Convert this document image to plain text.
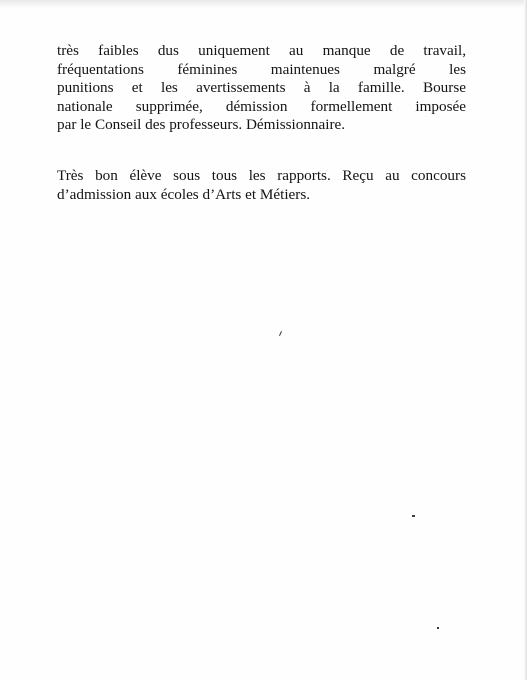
très faibles dus uniquement au manque de travail,
fréquentations féminines maintenues malgré les
punitions et les avertissements à la famille. Bourse
nationale supprimée, démission formellement imposée
par le Conseil des professeurs. Démissionnaire.
Très bon élève sous tous les rapports. Reçu au concours
d’admission aux écoles d’Arts et Métiers.
